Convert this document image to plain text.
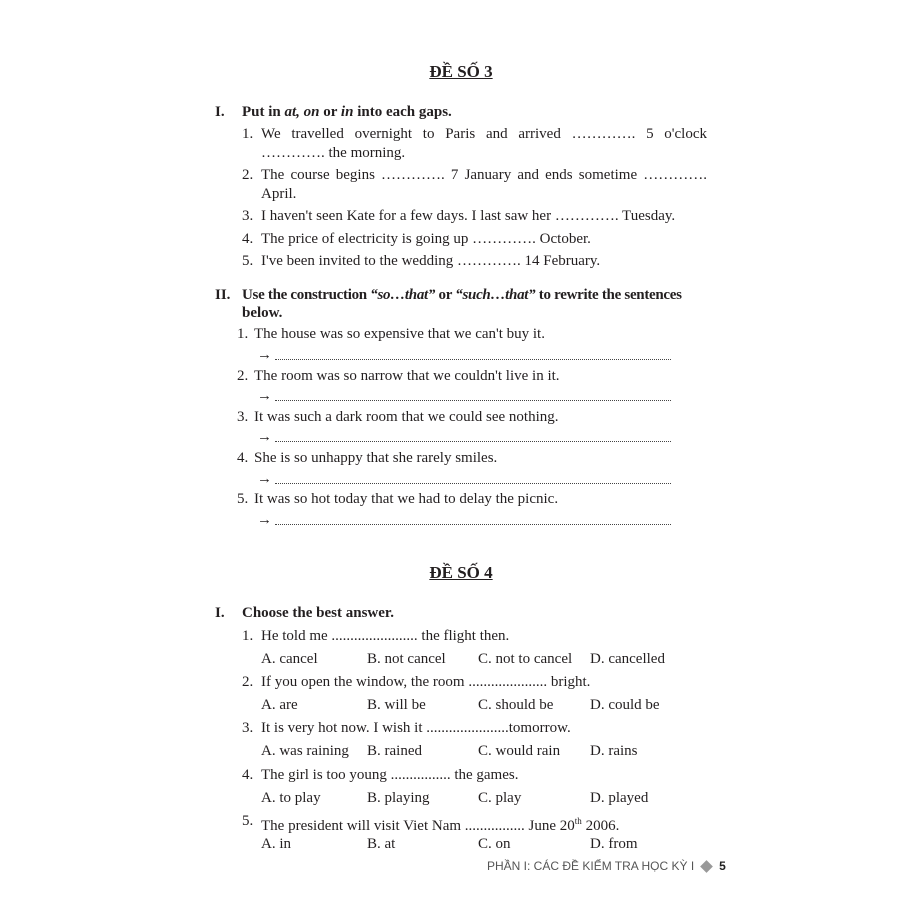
ĐỀ SỐ 3
I. Put in at, on or in into each gaps.
1. We travelled overnight to Paris and arrived …………. 5 o'clock
…………. the morning.
2. The course begins …………. 7 January and ends sometime ………….
April.
3. I haven't seen Kate for a few days. I last saw her …………. Tuesday.
4. The price of electricity is going up …………. October.
5. I've been invited to the wedding …………. 14 February.
II. Use the construction “so…that” or “such…that” to rewrite the sentences
below.
1. The house was so expensive that we can't buy it.
→
2. The room was so narrow that we couldn't live in it.
→
3. It was such a dark room that we could see nothing.
→
4. She is so unhappy that she rarely smiles.
→
5. It was so hot today that we had to delay the picnic.
→
ĐỀ SỐ 4
I. Choose the best answer.
1. He told me ....................... the flight then.
A. cancel	B. not cancel C. not to cancel D. cancelled
2. If you open the window, the room ..................... bright.
A. are	B. will be	C. should be D. could be
3. It is very hot now. I wish it ......................tomorrow.
A. was raining B. rained	C. would rain D. rains
4. The girl is too young ................ the games.
A. to play	B. playing	C. play	D. played
5. The president will visit Viet Nam ................ June 20th 2006.
A. in	B. at	C. on	D. from
PHẦN I: CÁC ĐỀ KIỂM TRA HỌC KỲ I 5
